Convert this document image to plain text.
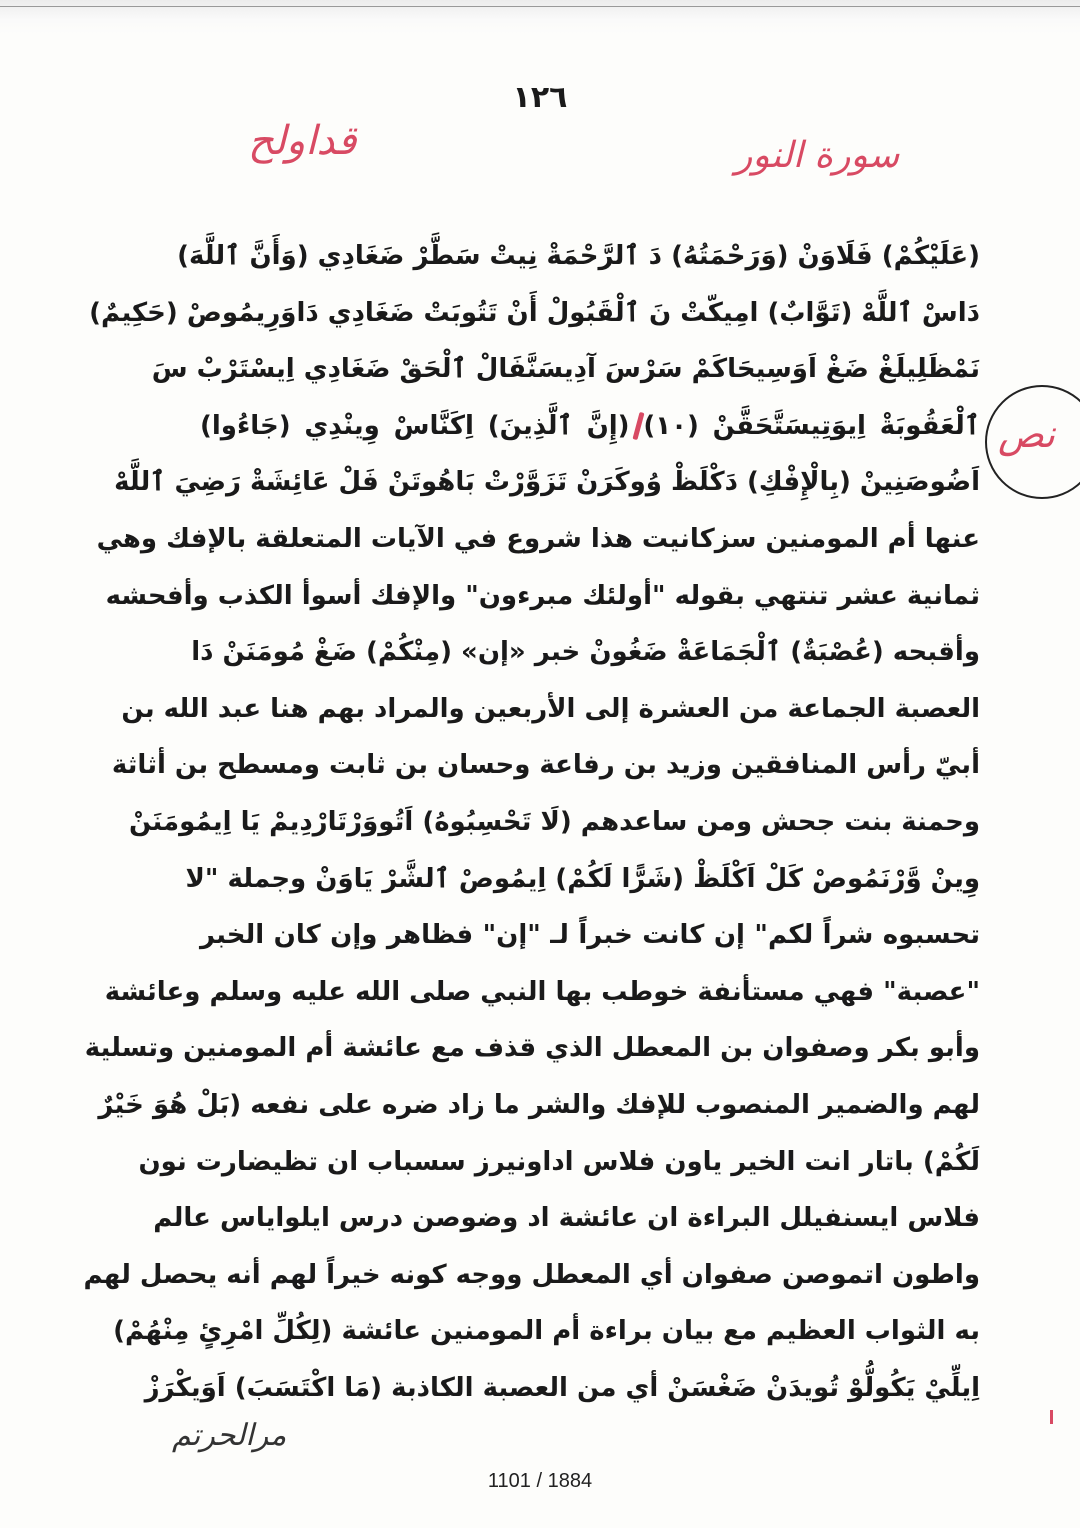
١٢٦
قداولح	سورة النور
نص
(عَلَيْكُمْ) فَلَاوَنْ (وَرَحْمَتُهُ) دَ ٱلرَّحْمَةْ نِيتْ سَطَّرْ ضَغَادِي (وَأَنَّ ٱللَّهَ)
دَاسْ ٱللَّهْ (تَوَّابٌ) امِيكّتْ نَ ٱلْقَبُولْ أَنْ تَتُوبَتْ ضَغَادِي دَاوَرِيمُوصْ (حَكِيمٌ)
نَمْظَلِيلَغْ ضَغْ اَوَسِيحَاكَمْ سَرْسَ آدِيسَنَّفَالْ ٱلْحَقْ ضَغَادِي اِيسْتَرْبْ سَ
ٱلْعَقُوبَةْ اِيوَتِيسَتَّحَقَّنْ (١٠) (إِنَّ ٱلَّذِينَ) اِكَنَّاسْ وِينْدِي (جَاءُوا)
اَضُوصَنِينْ (بِالْإِفْكِ) دَكْلَظْ وُوكَرَنْ تَزَوَّرْتْ بَاهُوتَنْ فَلْ عَائِشَةْ رَضِيَ ٱللَّهْ
عنها أم المومنين سزكانيت هذا شروع في الآيات المتعلقة بالإفك وهي
ثمانية عشر تنتهي بقوله "أولئك مبرءون" والإفك أسوأ الكذب وأفحشه
وأقبحه (عُصْبَةٌ) ٱلْجَمَاعَةْ ضَغُونْ خبر «إن» (مِنْكُمْ) ضَغْ مُومَنَنْ دَا
العصبة الجماعة من العشرة إلى الأربعين والمراد بهم هنا عبد الله بن
أبيّ رأس المنافقين وزيد بن رفاعة وحسان بن ثابت ومسطح بن أثاثة
وحمنة بنت جحش ومن ساعدهم (لَا تَحْسِبُوهُ) اَتُووَرْتَارْدِيمْ يَا اِيمُومَنَنْ
وِينْ وَّرْنَمُوصْ كَلْ اَكْلَظْ (شَرًّا لَكُمْ) اِيمُوصْ ٱلشَّرْ يَاوَنْ وجملة "لا
تحسبوه شراً لكم" إن كانت خبراً لـ "إن" فظاهر وإن كان الخبر
"عصبة" فهي مستأنفة خوطب بها النبي صلى الله عليه وسلم وعائشة
وأبو بكر وصفوان بن المعطل الذي قذف مع عائشة أم المومنين وتسلية
لهم والضمير المنصوب للإفك والشر ما زاد ضره على نفعه (بَلْ هُوَ خَيْرٌ
لَكُمْ) باتار انت الخير ياون فلاس اداونيرز سسباب ان تظيضارت نون
فلاس ايسنفيلل البراءة ان عائشة اد وضوصن درس ايلواياس عالم
واطون اتموصن صفوان أي المعطل ووجه كونه خيراً لهم أنه يحصل لهم
به الثواب العظيم مع بيان براءة أم المومنين عائشة (لِكُلِّ امْرِئٍ مِنْهُمْ)
اِيلِّيْ يَكُولُّوْ تُويدَنْ ضَغْسَنْ أي من العصبة الكاذبة (مَا اكْتَسَبَ) اَوَيكْرَزْ
مرالحرتم
1101 / 1884
